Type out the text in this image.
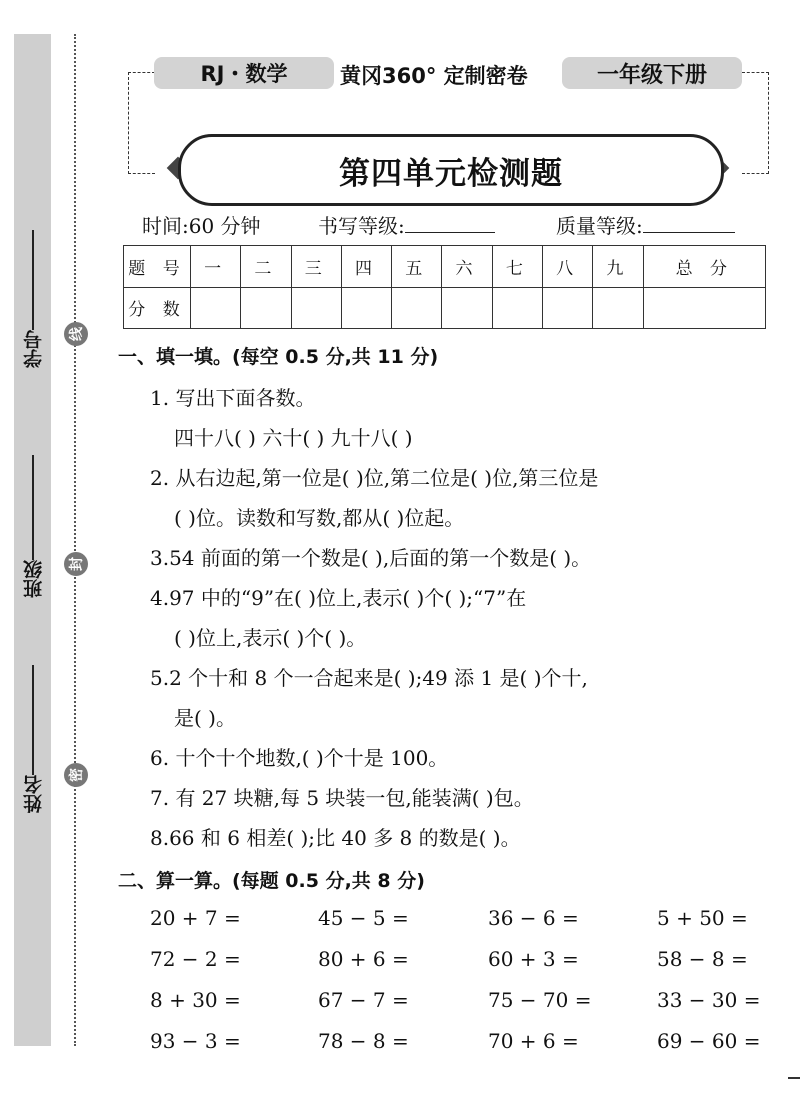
学号
班级
姓名
线
封
密
RJ・数学	黄冈360° 定制密卷	一年级下册
第四单元检测题
时间:60 分钟	书写等级:	质量等级:
题 号	一	二	三	四	五	六	七	八	九	总 分
分 数										
一、填一填。(每空 0.5 分,共 11 分)
1. 写出下面各数。
四十八( ) 六十( ) 九十八( )
2. 从右边起,第一位是( )位,第二位是( )位,第三位是
( )位。读数和写数,都从( )位起。
3.54 前面的第一个数是( ),后面的第一个数是( )。
4.97 中的“9”在( )位上,表示( )个( );“7”在
( )位上,表示( )个( )。
5.2 个十和 8 个一合起来是( );49 添 1 是( )个十,
是( )。
6. 十个十个地数,( )个十是 100。
7. 有 27 块糖,每 5 块装一包,能装满( )包。
8.66 和 6 相差( );比 40 多 8 的数是( )。
二、算一算。(每题 0.5 分,共 8 分)
20 + 7 =	45 − 5 =	36 − 6 =	5 + 50 =
72 − 2 =	80 + 6 =	60 + 3 =	58 − 8 =
8 + 30 =	67 − 7 =	75 − 70 =	33 − 30 =
93 − 3 =	78 − 8 =	70 + 6 =	69 − 60 =
